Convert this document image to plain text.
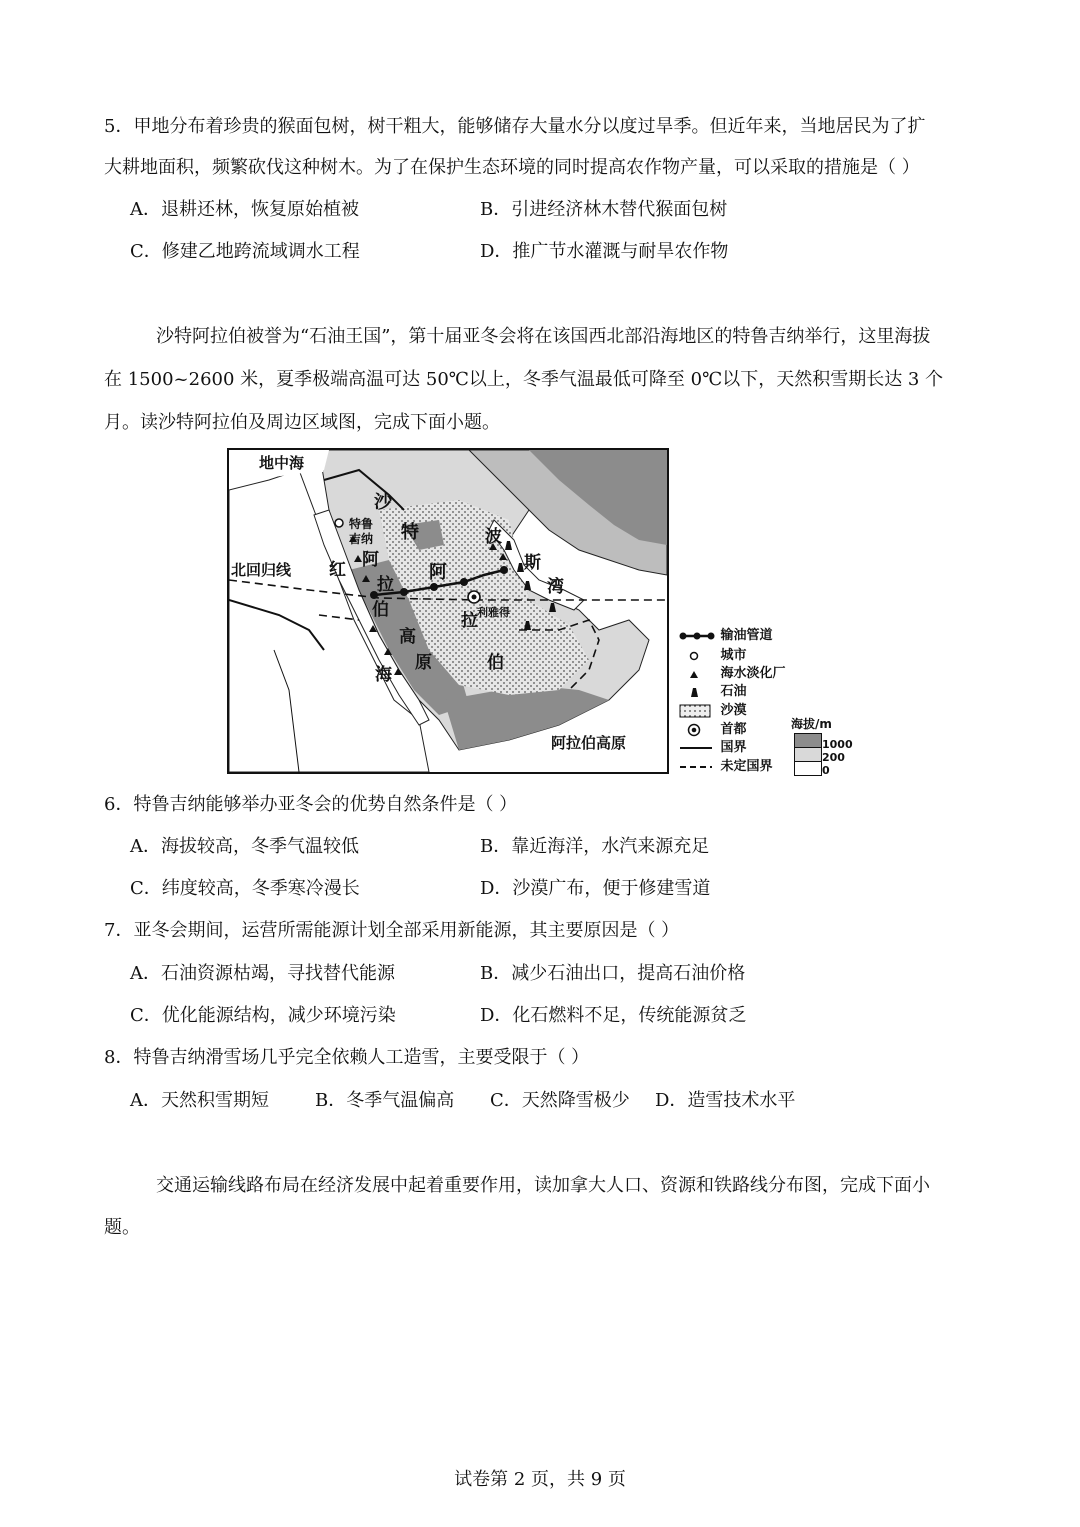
5．甲地分布着珍贵的猴面包树，树干粗大，能够储存大量水分以度过旱季。但近年来，当地居民为了扩
大耕地面积，频繁砍伐这种树木。为了在保护生态环境的同时提高农作物产量，可以采取的措施是（ ）
A．退耕还林，恢复原始植被	B．引进经济林木替代猴面包树
C．修建乙地跨流域调水工程	D．推广节水灌溉与耐旱农作物
沙特阿拉伯被誉为“石油王国”，第十届亚冬会将在该国西北部沿海地区的特鲁吉纳举行，这里海拔
在 1500~2600 米，夏季极端高温可达 50℃以上，冬季气温最低可降至 0℃以下，天然积雪期长达 3 个
月。读沙特阿拉伯及周边区域图，完成下面小题。
地中海
沙
特
阿
特鲁
吉纳
红 阿
拉
伯
高
原
海
北回归线
利雅得
波
斯
湾
拉
伯
阿拉伯高原
输油管道
城市
海水淡化厂
石油
沙漠
首都
国界
未定国界
海拔/m
1000
200
0
6．特鲁吉纳能够举办亚冬会的优势自然条件是（ ）
A．海拔较高，冬季气温较低	B．靠近海洋，水汽来源充足
C．纬度较高，冬季寒冷漫长	D．沙漠广布，便于修建雪道
7．亚冬会期间，运营所需能源计划全部采用新能源，其主要原因是（ ）
A．石油资源枯竭，寻找替代能源	B．减少石油出口，提高石油价格
C．优化能源结构，减少环境污染	D．化石燃料不足，传统能源贫乏
8．特鲁吉纳滑雪场几乎完全依赖人工造雪，主要受限于（ ）
A．天然积雪期短	B．冬季气温偏高 C．天然降雪极少 D．造雪技术水平
交通运输线路布局在经济发展中起着重要作用，读加拿大人口、资源和铁路线分布图，完成下面小
题。
试卷第 2 页，共 9 页
